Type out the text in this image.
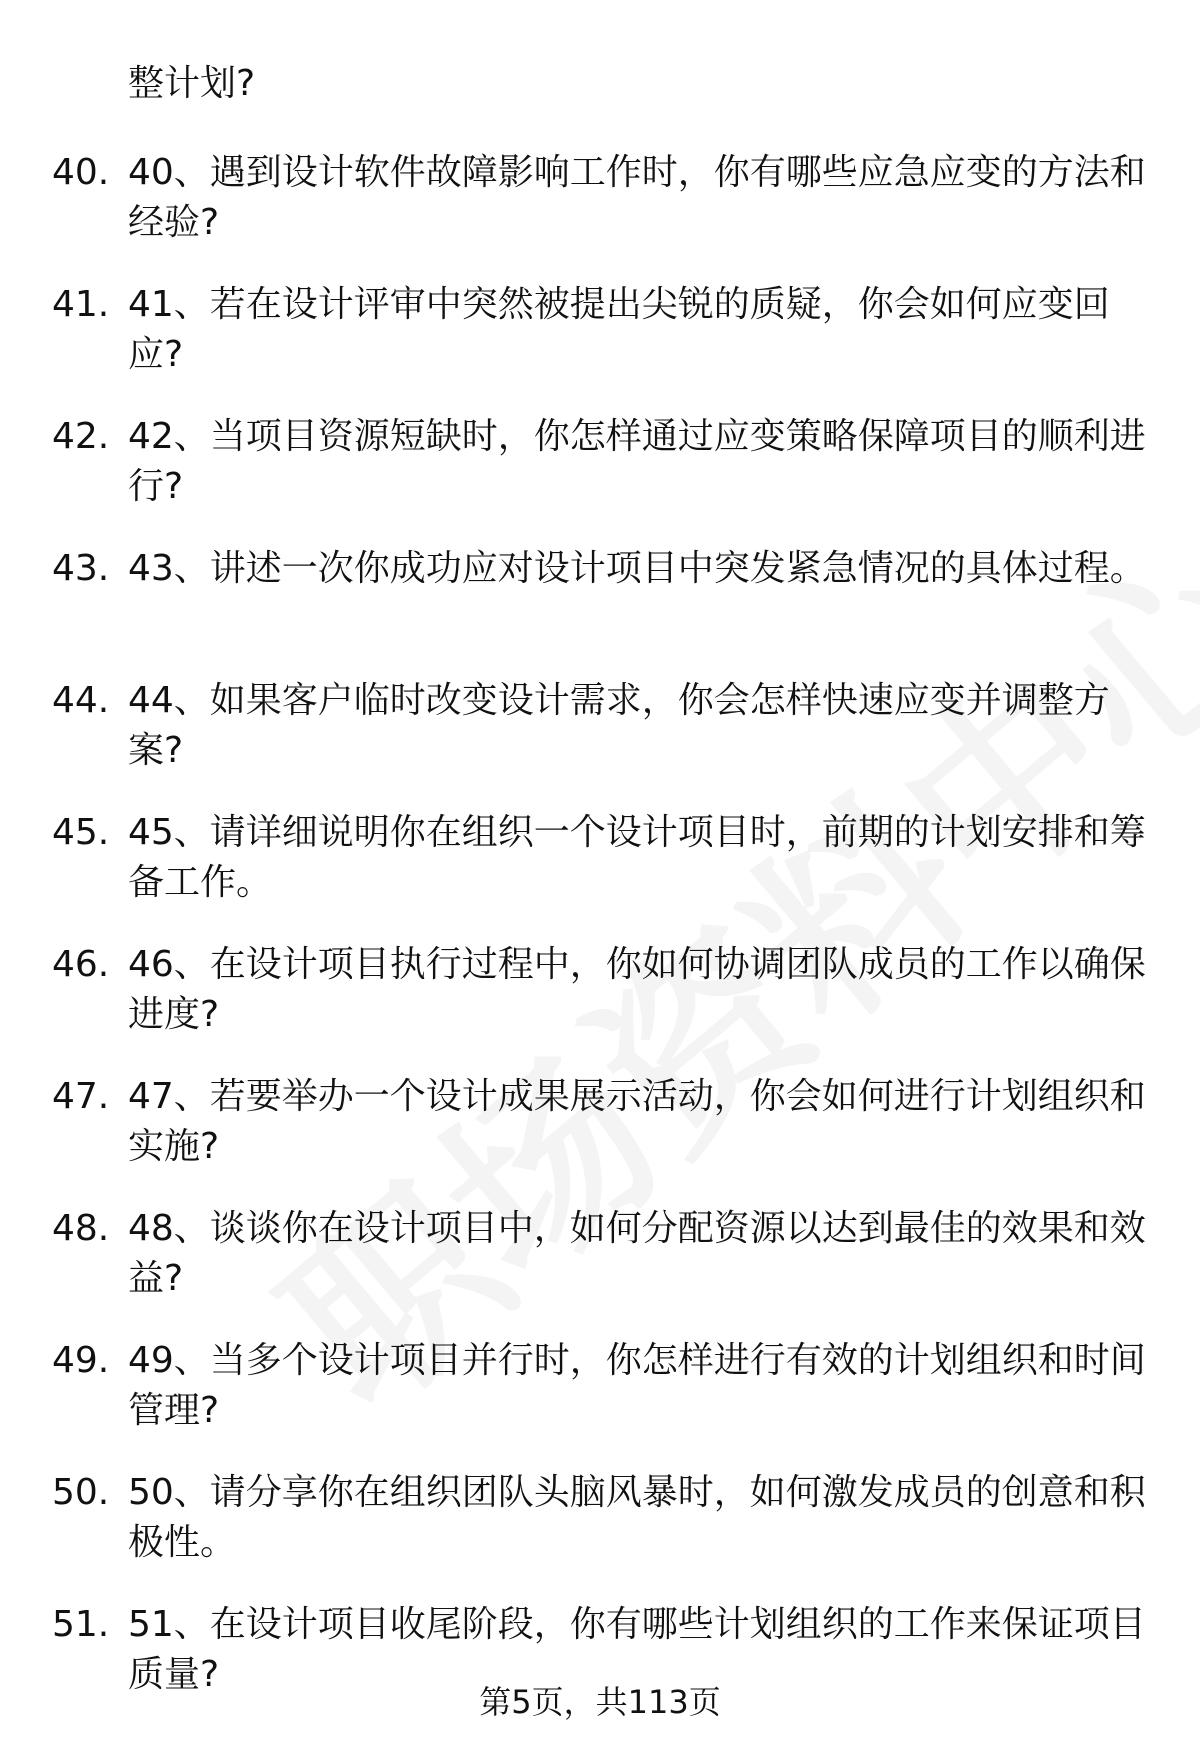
整计划?
40. 40、遇到设计软件故障影响工作时，你有哪些应急应变的方法和经验?
41. 41、若在设计评审中突然被提出尖锐的质疑，你会如何应变回应?
42. 42、当项目资源短缺时，你怎样通过应变策略保障项目的顺利进行?
43. 43、讲述一次你成功应对设计项目中突发紧急情况的具体过程。
44. 44、如果客户临时改变设计需求，你会怎样快速应变并调整方案?
45. 45、请详细说明你在组织一个设计项目时，前期的计划安排和筹备工作。
46. 46、在设计项目执行过程中，你如何协调团队成员的工作以确保进度?
47. 47、若要举办一个设计成果展示活动，你会如何进行计划组织和实施?
48. 48、谈谈你在设计项目中，如何分配资源以达到最佳的效果和效益?
49. 49、当多个设计项目并行时，你怎样进行有效的计划组织和时间管理?
50. 50、请分享你在组织团队头脑风暴时，如何激发成员的创意和积极性。
51. 51、在设计项目收尾阶段，你有哪些计划组织的工作来保证项目质量?
第5页，共113页
